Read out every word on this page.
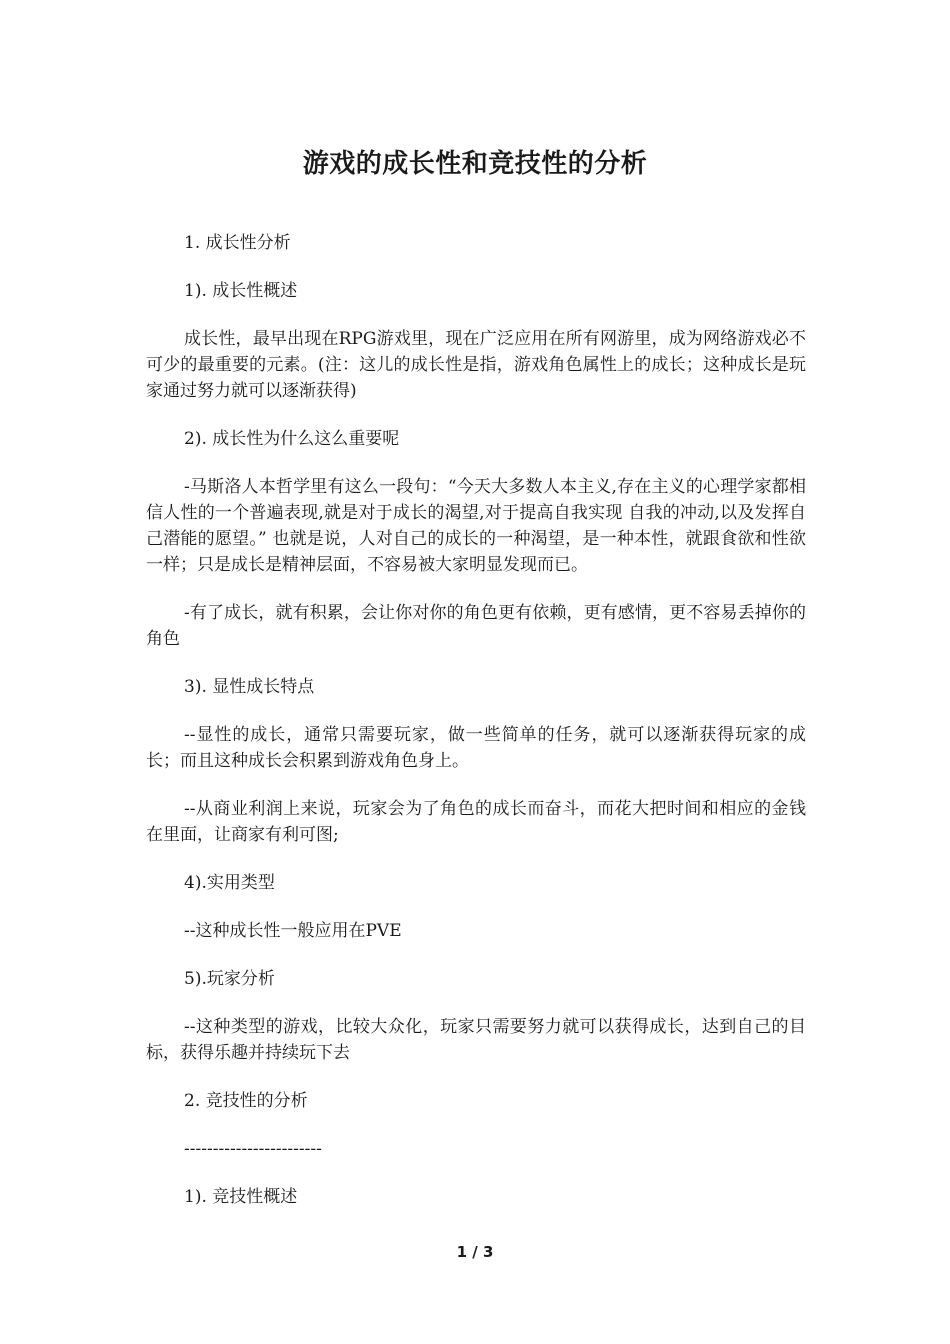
游戏的成长性和竞技性的分析

1. 成长性分析

1). 成长性概述

成长性，最早出现在RPG游戏里，现在广泛应用在所有网游里，成为网络游戏必不可少的最重要的元素。(注：这儿的成长性是指，游戏角色属性上的成长；这种成长是玩家通过努力就可以逐渐获得)

2). 成长性为什么这么重要呢

-马斯洛人本哲学里有这么一段句：“今天大多数人本主义,存在主义的心理学家都相信人性的一个普遍表现,就是对于成长的渴望,对于提高自我实现 自我的冲动,以及发挥自己潜能的愿望。” 也就是说，人对自己的成长的一种渴望，是一种本性，就跟食欲和性欲一样；只是成长是精神层面，不容易被大家明显发现而已。

-有了成长，就有积累，会让你对你的角色更有依赖，更有感情，更不容易丢掉你的角色

3). 显性成长特点

--显性的成长，通常只需要玩家，做一些简单的任务，就可以逐渐获得玩家的成长；而且这种成长会积累到游戏角色身上。

--从商业利润上来说，玩家会为了角色的成长而奋斗，而花大把时间和相应的金钱在里面，让商家有利可图;

4).实用类型

--这种成长性一般应用在PVE

5).玩家分析

--这种类型的游戏，比较大众化，玩家只需要努力就可以获得成长，达到自己的目标，获得乐趣并持续玩下去

2. 竞技性的分析

------------------------

1). 竞技性概述

1 / 3
